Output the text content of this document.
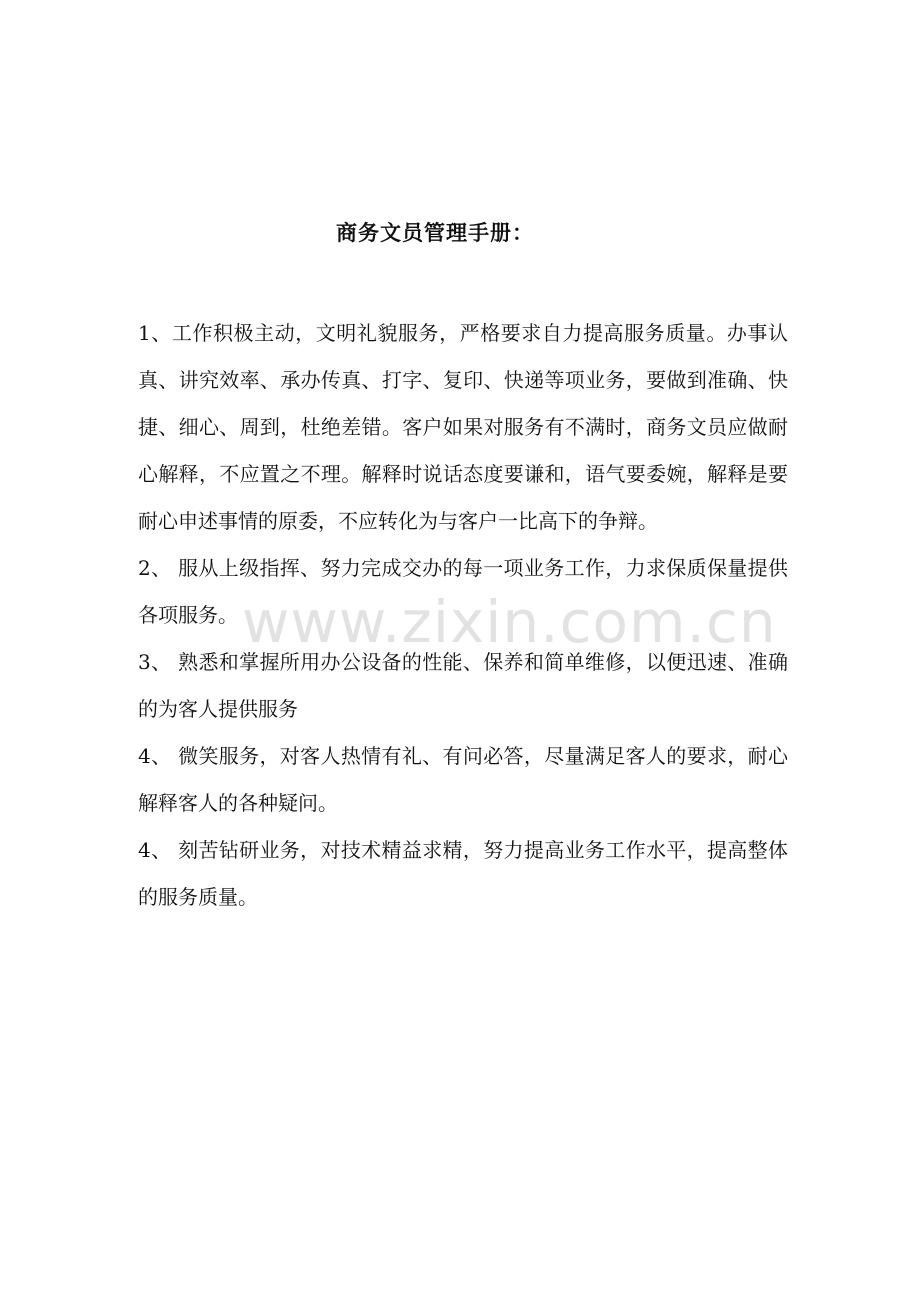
商务文员管理手册：

1、工作积极主动，文明礼貌服务，严格要求自力提高服务质量。办事认真、讲究效率、承办传真、打字、复印、快递等项业务，要做到准确、快捷、细心、周到，杜绝差错。客户如果对服务有不满时，商务文员应做耐心解释，不应置之不理。解释时说话态度要谦和，语气要委婉，解释是要耐心申述事情的原委，不应转化为与客户一比高下的争辩。

2、 服从上级指挥、努力完成交办的每一项业务工作，力求保质保量提供各项服务。

3、 熟悉和掌握所用办公设备的性能、保养和简单维修，以便迅速、准确的为客人提供服务

4、 微笑服务，对客人热情有礼、有问必答，尽量满足客人的要求，耐心解释客人的各种疑问。

4、 刻苦钻研业务，对技术精益求精，努力提高业务工作水平，提高整体的服务质量。

www.zixin.com.cn
